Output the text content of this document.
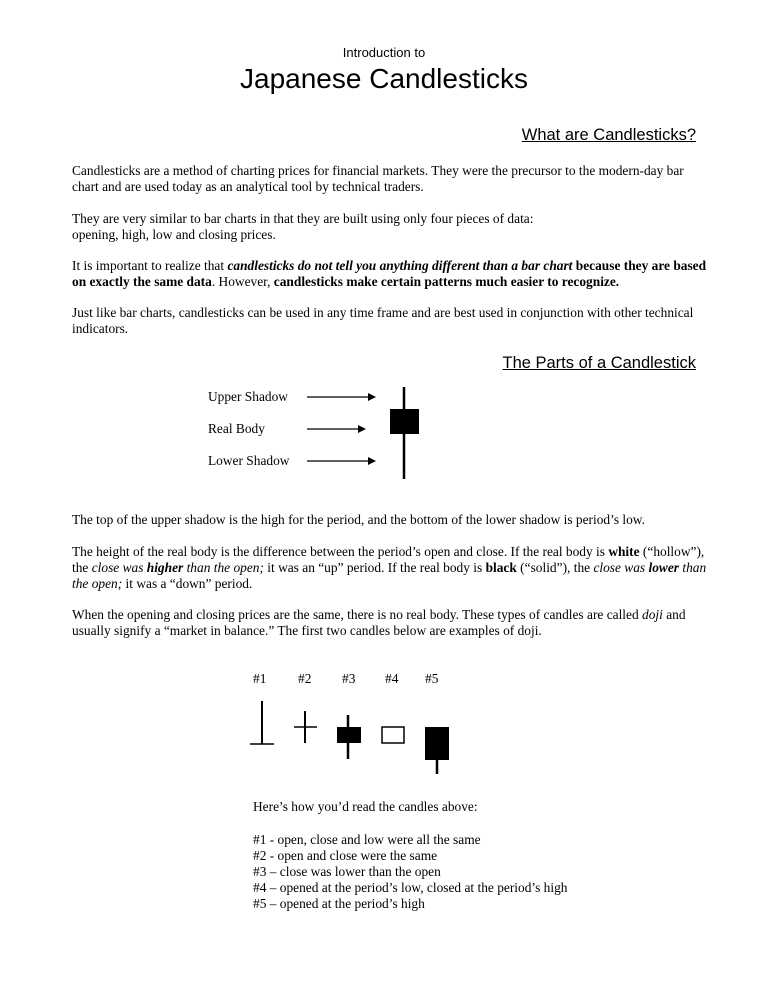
Introduction to
Japanese Candlesticks
What are Candlesticks?

Candlesticks are a method of charting prices for financial markets. They were the precursor to the modern-day bar chart and are used today as an analytical tool by technical traders.

They are very similar to bar charts in that they are built using only four pieces of data:
opening, high, low and closing prices.

It is important to realize that candlesticks do not tell you anything different than a bar chart because they are based on exactly the same data. However, candlesticks make certain patterns much easier to recognize.

Just like bar charts, candlesticks can be used in any time frame and are best used in conjunction with other technical indicators.

The Parts of a Candlestick
Upper Shadow
Real Body
Lower Shadow

The top of the upper shadow is the high for the period, and the bottom of the lower shadow is period’s low.

The height of the real body is the difference between the period’s open and close. If the real body is white (“hollow”), the close was higher than the open; it was an “up” period. If the real body is black (“solid”), the close was lower than the open; it was a “down” period.

When the opening and closing prices are the same, there is no real body. These types of candles are called doji and usually signify a “market in balance.” The first two candles below are examples of doji.

#1 #2 #3 #4 #5
Here’s how you’d read the candles above:
#1 - open, close and low were all the same
#2 - open and close were the same
#3 – close was lower than the open
#4 – opened at the period’s low, closed at the period’s high
#5 – opened at the period’s high
